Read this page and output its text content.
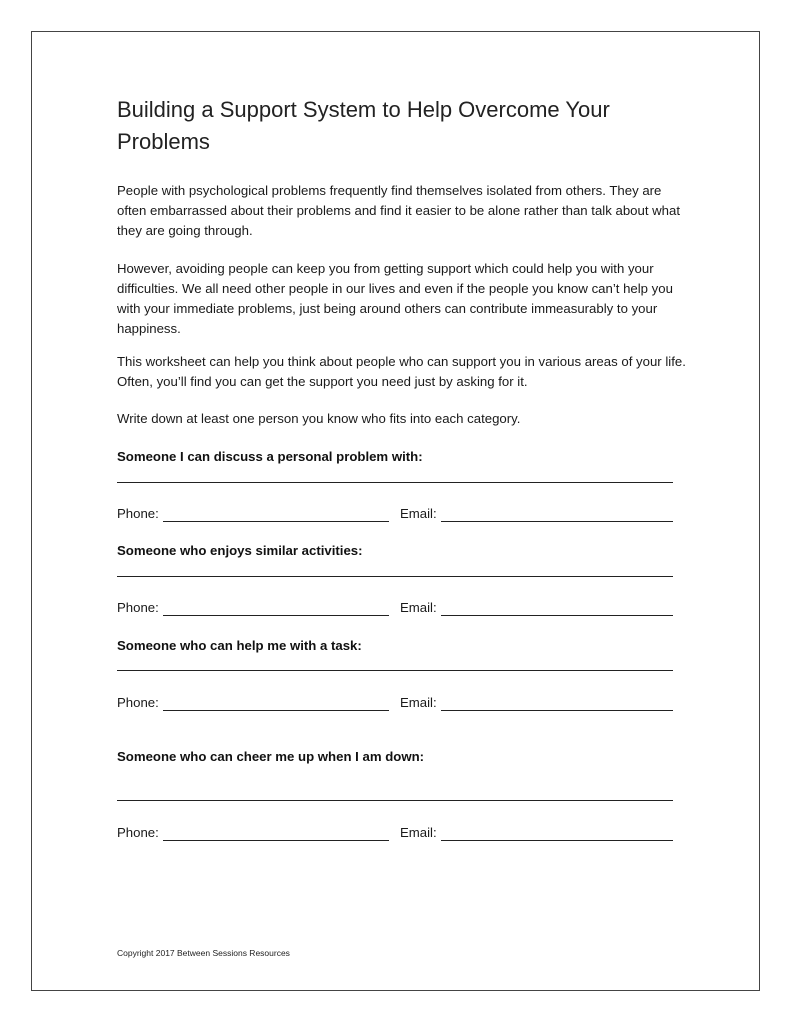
Building a Support System to Help Overcome Your Problems

People with psychological problems frequently find themselves isolated from others. They are often embarrassed about their problems and find it easier to be alone rather than talk about what they are going through.

However, avoiding people can keep you from getting support which could help you with your difficulties. We all need other people in our lives and even if the people you know can’t help you with your immediate problems, just being around others can contribute immeasurably to your happiness.

This worksheet can help you think about people who can support you in various areas of your life. Often, you’ll find you can get the support you need just by asking for it.

Write down at least one person you know who fits into each category.

Someone I can discuss a personal problem with:
Phone:	Email:
Someone who enjoys similar activities:
Phone:	Email:
Someone who can help me with a task:
Phone:	Email:
Someone who can cheer me up when I am down:
Phone:	Email:
Copyright 2017 Between Sessions Resources
